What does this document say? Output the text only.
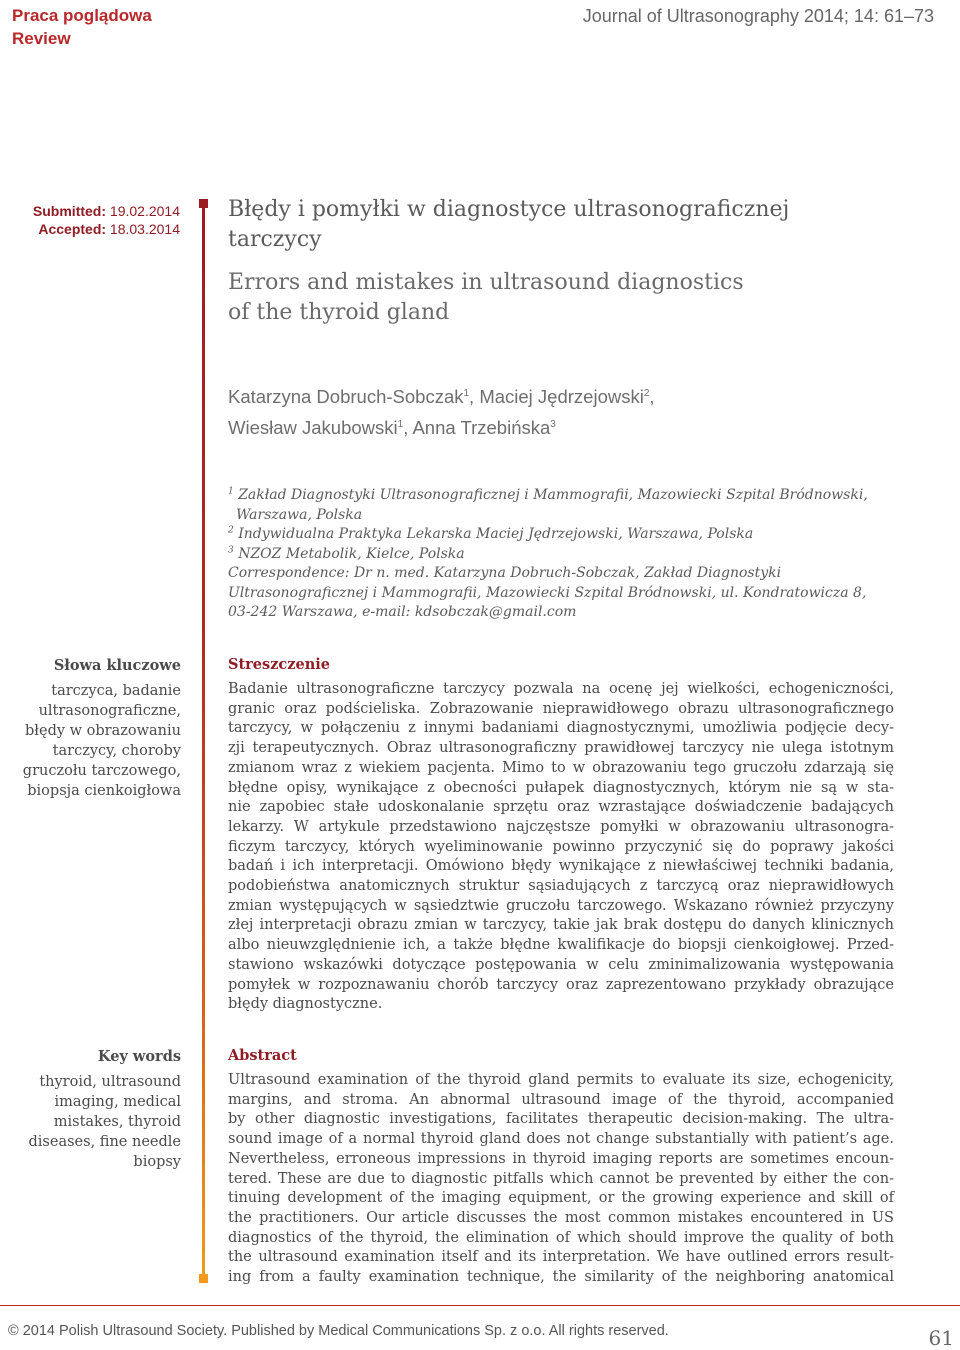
Praca poglądowa
Review
Journal of Ultrasonography 2014; 14: 61–73
Submitted: 19.02.2014
Accepted: 18.03.2014
Błędy i pomyłki w diagnostyce ultrasonograficznej
tarczycy
Errors and mistakes in ultrasound diagnostics
of the thyroid gland
Katarzyna Dobruch-Sobczak$^1$, Maciej Jędrzejowski$^2$,
Wiesław Jakubowski$^1$, Anna Trzebińska$^3$
$^1$ Zakład Diagnostyki Ultrasonograficznej i Mammografii, Mazowiecki Szpital Bródnowski,
Warszawa, Polska
$^2$ Indywidualna Praktyka Lekarska Maciej Jędrzejowski, Warszawa, Polska
$^3$ NZOZ Metabolik, Kielce, Polska
Correspondence: Dr n. med. Katarzyna Dobruch-Sobczak, Zakład Diagnostyki
Ultrasonograficznej i Mammografii, Mazowiecki Szpital Bródnowski, ul. Kondratowicza 8,
03-242 Warszawa, e-mail: kdsobczak@gmail.com
Słowa kluczowe
tarczyca, badanie
ultrasonograficzne,
błędy w obrazowaniu
tarczycy, choroby
gruczołu tarczowego,
biopsja cienkoigłowa
Streszczenie
Badanie ultrasonograficzne tarczycy pozwala na ocenę jej wielkości, echogeniczności,
granic oraz podścieliska. Zobrazowanie nieprawidłowego obrazu ultrasonograficznego
tarczycy, w połączeniu z innymi badaniami diagnostycznymi, umożliwia podjęcie decy-
zji terapeutycznych. Obraz ultrasonograficzny prawidłowej tarczycy nie ulega istotnym
zmianom wraz z wiekiem pacjenta. Mimo to w obrazowaniu tego gruczołu zdarzają się
błędne opisy, wynikające z obecności pułapek diagnostycznych, którym nie są w sta-
nie zapobiec stałe udoskonalanie sprzętu oraz wzrastające doświadczenie badających
lekarzy. W artykule przedstawiono najczęstsze pomyłki w obrazowaniu ultrasonogra-
ficzym tarczycy, których wyeliminowanie powinno przyczynić się do poprawy jakości
badań i ich interpretacji. Omówiono błędy wynikające z niewłaściwej techniki badania,
podobieństwa anatomicznych struktur sąsiadujących z tarczycą oraz nieprawidłowych
zmian występujących w sąsiedztwie gruczołu tarczowego. Wskazano również przyczyny
złej interpretacji obrazu zmian w tarczycy, takie jak brak dostępu do danych klinicznych
albo nieuwzględnienie ich, a także błędne kwalifikacje do biopsji cienkoigłowej. Przed-
stawiono wskazówki dotyczące postępowania w celu zminimalizowania występowania
pomyłek w rozpoznawaniu chorób tarczycy oraz zaprezentowano przykłady obrazujące
błędy diagnostyczne.
Key words
thyroid, ultrasound
imaging, medical
mistakes, thyroid
diseases, fine needle
biopsy
Abstract
Ultrasound examination of the thyroid gland permits to evaluate its size, echogenicity,
margins, and stroma. An abnormal ultrasound image of the thyroid, accompanied
by other diagnostic investigations, facilitates therapeutic decision-making. The ultra-
sound image of a normal thyroid gland does not change substantially with patient’s age.
Nevertheless, erroneous impressions in thyroid imaging reports are sometimes encoun-
tered. These are due to diagnostic pitfalls which cannot be prevented by either the con-
tinuing development of the imaging equipment, or the growing experience and skill of
the practitioners. Our article discusses the most common mistakes encountered in US
diagnostics of the thyroid, the elimination of which should improve the quality of both
the ultrasound examination itself and its interpretation. We have outlined errors result-
ing from a faulty examination technique, the similarity of the neighboring anatomical
© 2014 Polish Ultrasound Society. Published by Medical Communications Sp. z o.o. All rights reserved.	61
